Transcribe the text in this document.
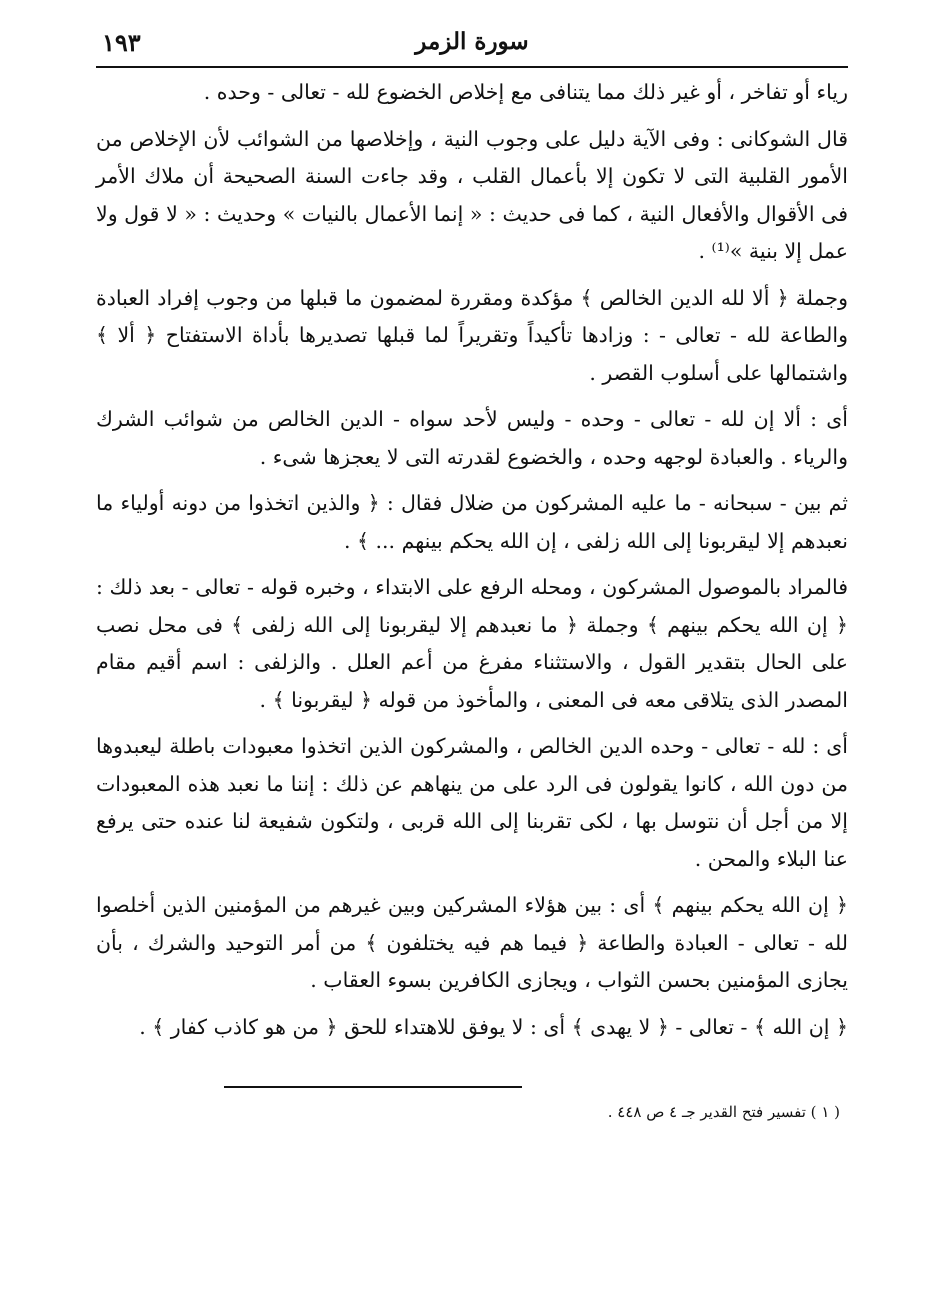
سورة الزمر
١٩٣

رياء أو تفاخر ، أو غير ذلك مما يتنافى مع إخلاص الخضوع لله - تعالى - وحده .

قال الشوكانى : وفى الآية دليل على وجوب النية ، وإخلاصها من الشوائب لأن الإخلاص من الأمور القلبية التى لا تكون إلا بأعمال القلب ، وقد جاءت السنة الصحيحة أن ملاك الأمر فى الأقوال والأفعال النية ، كما فى حديث : « إنما الأعمال بالنيات » وحديث : « لا قول ولا عمل إلا بنية »⁽¹⁾ .

وجملة ﴿ ألا لله الدين الخالص ﴾ مؤكدة ومقررة لمضمون ما قبلها من وجوب إفراد العبادة والطاعة لله - تعالى - : وزادها تأكيداً وتقريراً لما قبلها تصديرها بأداة الاستفتاح ﴿ ألا ﴾ واشتمالها على أسلوب القصر .

أى : ألا إن لله - تعالى - وحده - وليس لأحد سواه - الدين الخالص من شوائب الشرك والرياء . والعبادة لوجهه وحده ، والخضوع لقدرته التى لا يعجزها شىء .

ثم بين - سبحانه - ما عليه المشركون من ضلال فقال : ﴿ والذين اتخذوا من دونه أولياء ما نعبدهم إلا ليقربونا إلى الله زلفى ، إن الله يحكم بينهم ... ﴾ .

فالمراد بالموصول المشركون ، ومحله الرفع على الابتداء ، وخبره قوله - تعالى - بعد ذلك : ﴿ إن الله يحكم بينهم ﴾ وجملة ﴿ ما نعبدهم إلا ليقربونا إلى الله زلفى ﴾ فى محل نصب على الحال بتقدير القول ، والاستثناء مفرغ من أعم العلل . والزلفى : اسم أقيم مقام المصدر الذى يتلاقى معه فى المعنى ، والمأخوذ من قوله ﴿ ليقربونا ﴾ .

أى : لله - تعالى - وحده الدين الخالص ، والمشركون الذين اتخذوا معبودات باطلة ليعبدوها من دون الله ، كانوا يقولون فى الرد على من ينهاهم عن ذلك : إننا ما نعبد هذه المعبودات إلا من أجل أن نتوسل بها ، لكى تقربنا إلى الله قربى ، ولتكون شفيعة لنا عنده حتى يرفع عنا البلاء والمحن .

﴿ إن الله يحكم بينهم ﴾ أى : بين هؤلاء المشركين وبين غيرهم من المؤمنين الذين أخلصوا لله - تعالى - العبادة والطاعة ﴿ فيما هم فيه يختلفون ﴾ من أمر التوحيد والشرك ، بأن يجازى المؤمنين بحسن الثواب ، ويجازى الكافرين بسوء العقاب .

﴿ إن الله ﴾ - تعالى - ﴿ لا يهدى ﴾ أى : لا يوفق للاهتداء للحق ﴿ من هو كاذب كفار ﴾ .

( ١ ) تفسير فتح القدير جـ ٤ ص ٤٤٨ .
